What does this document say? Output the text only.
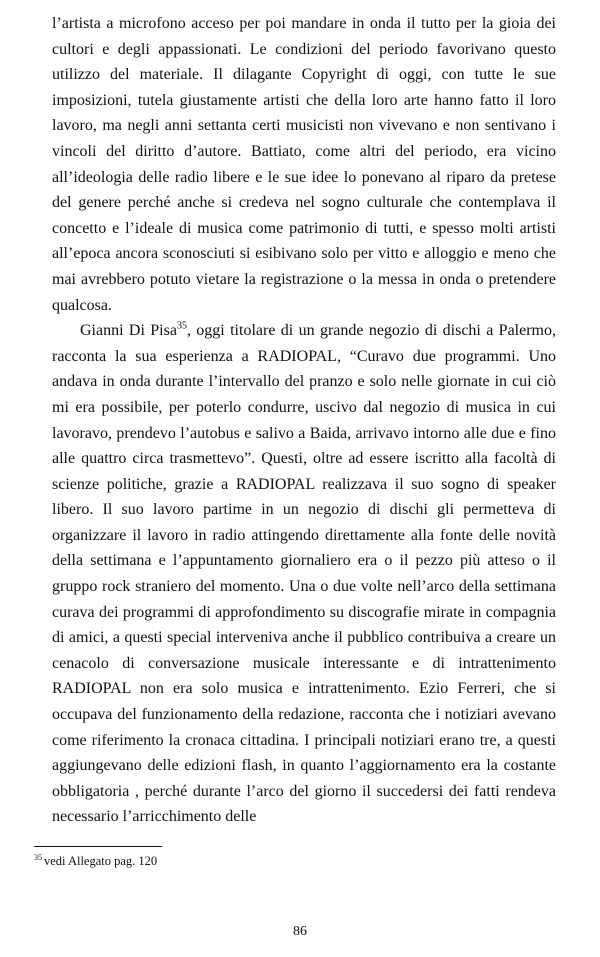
l’artista a microfono acceso per poi mandare in onda il tutto per la gioia dei cultori e degli appassionati. Le condizioni del periodo favorivano questo utilizzo del materiale. Il dilagante Copyright di oggi, con tutte le sue imposizioni, tutela giustamente artisti che della loro arte hanno fatto il loro lavoro, ma negli anni settanta certi musicisti non vivevano e non sentivano i vincoli del diritto d’autore. Battiato, come altri del periodo, era vicino all’ideologia delle radio libere e le sue idee lo ponevano al riparo da pretese del genere perché anche si credeva nel sogno culturale che contemplava il concetto e l’ideale di musica come patrimonio di tutti, e spesso molti artisti all’epoca ancora sconosciuti si esibivano solo per vitto e alloggio e meno che mai avrebbero potuto vietare la registrazione o la messa in onda o pretendere qualcosa.

Gianni Di Pisa$^{35}$, oggi titolare di un grande negozio di dischi a Palermo, racconta la sua esperienza a RADIOPAL, “Curavo due programmi. Uno andava in onda durante l’intervallo del pranzo e solo nelle giornate in cui ciò mi era possibile, per poterlo condurre, uscivo dal negozio di musica in cui lavoravo, prendevo l’autobus e salivo a Baida, arrivavo intorno alle due e fino alle quattro circa trasmettevo”. Questi, oltre ad essere iscritto alla facoltà di scienze politiche, grazie a RADIOPAL realizzava il suo sogno di speaker libero. Il suo lavoro partime in un negozio di dischi gli permetteva di organizzare il lavoro in radio attingendo direttamente alla fonte delle novità della settimana e l’appuntamento giornaliero era o il pezzo più atteso o il gruppo rock straniero del momento. Una o due volte nell’arco della settimana curava dei programmi di approfondimento su discografie mirate in compagnia di amici, a questi special interveniva anche il pubblico contribuiva a creare un cenacolo di conversazione musicale interessante e di intrattenimento RADIOPAL non era solo musica e intrattenimento. Ezio Ferreri, che si occupava del funzionamento della redazione, racconta che i notiziari avevano come riferimento la cronaca cittadina. I principali notiziari erano tre, a questi aggiungevano delle edizioni flash, in quanto l’aggiornamento era la costante obbligatoria , perché durante l’arco del giorno il succedersi dei fatti rendeva necessario l’arricchimento delle

$^{35}$ vedi Allegato pag. 120
86
